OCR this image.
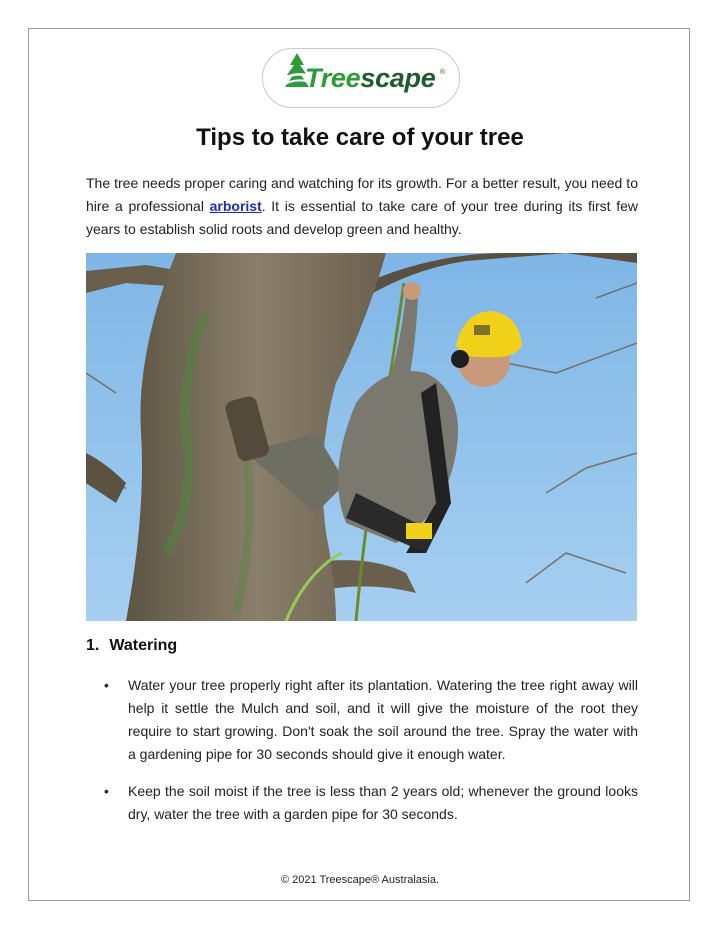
Treescape ®
Tips to take care of your tree
The tree needs proper caring and watching for its growth. For a better result, you need to hire a professional arborist. It is essential to take care of your tree during its first few years to establish solid roots and develop green and healthy.
1. Watering
• Water your tree properly right after its plantation. Watering the tree right away will help it settle the Mulch and soil, and it will give the moisture of the root they require to start growing. Don't soak the soil around the tree. Spray the water with a gardening pipe for 30 seconds should give it enough water.
• Keep the soil moist if the tree is less than 2 years old; whenever the ground looks dry, water the tree with a garden pipe for 30 seconds.
© 2021 Treescape® Australasia.
